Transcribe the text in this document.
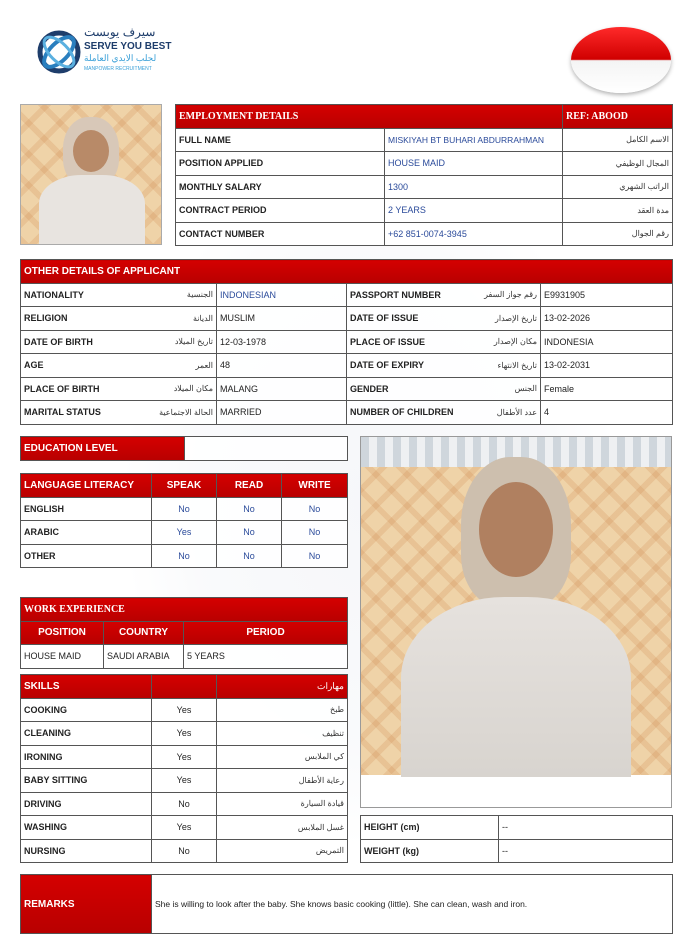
سيرف يوبست
SERVE YOU BEST
لجلب الايدي العاملة
MANPOWER RECRUITMENT
EMPLOYMENT DETAILS		REF: ABOOD
FULL NAME	MISKIYAH BT BUHARI ABDURRAHMAN	الاسم الكامل
POSITION APPLIED	HOUSE MAID	المجال الوظيفي
MONTHLY SALARY	1300	الراتب الشهري
CONTRACT PERIOD	2 YEARS	مدة العقد
CONTACT NUMBER	+62 851-0074-3945	رقم الجوال
OTHER DETAILS OF APPLICANT			

NATIONALITY الجنسية	INDONESIAN	PASSPORT NUMBER رقم جواز السفر	E9931905

RELIGION الديانة	MUSLIM	DATE OF ISSUE تاريخ الإصدار	13-02-2026

DATE OF BIRTH تاريخ الميلاد	12-03-1978	PLACE OF ISSUE مكان الإصدار	INDONESIA

AGE العمر	48	DATE OF EXPIRY تاريخ الانتهاء	13-02-2031

PLACE OF BIRTH مكان الميلاد	MALANG	GENDER الجنس	Female

MARITAL STATUS الحالة الاجتماعية	MARRIED	NUMBER OF CHILDREN عدد الأطفال	4
EDUCATION LEVEL	
LANGUAGE LITERACY	SPEAK	READ	WRITE
ENGLISH	No	No	No
ARABIC	Yes	No	No
OTHER	No	No	No
WORK EXPERIENCE		
POSITION	COUNTRY	PERIOD
HOUSE MAID	SAUDI ARABIA	5 YEARS
SKILLS		مهارات
COOKING	Yes	طبخ
CLEANING	Yes	تنظيف
IRONING	Yes	كي الملابس
BABY SITTING	Yes	رعاية الأطفال
DRIVING	No	قيادة السيارة
WASHING	Yes	غسل الملابس
NURSING	No	التمريض
HEIGHT (cm)	--
WEIGHT (kg)	--
REMARKS	She is willing to look after the baby. She knows basic cooking (little). She can clean, wash and iron.
